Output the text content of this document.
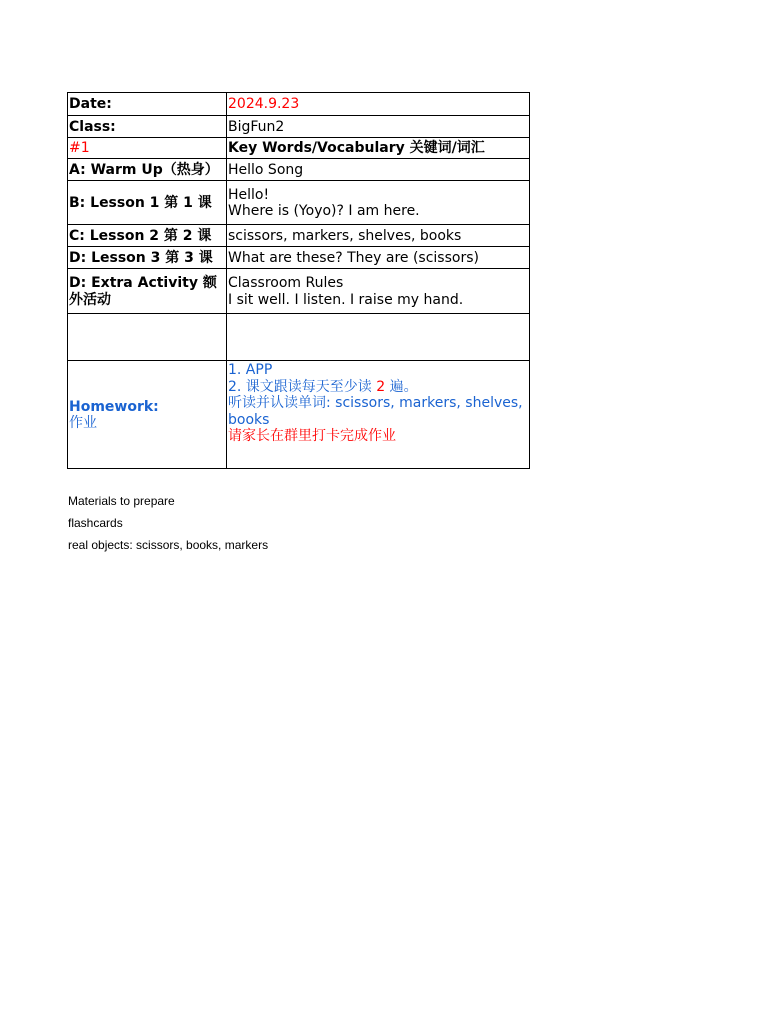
Date:	2024.9.23
Class:	BigFun2
#1	Key Words/Vocabulary 关键词/词汇
A: Warm Up（热身）	Hello Song
B: Lesson 1 第 1 课	Hello!
Where is (Yoyo)? I am here.

C: Lesson 2 第 2 课	scissors, markers, shelves, books
D: Lesson 3 第 3 课	What are these? They are (scissors)
D: Extra Activity 额外活动	Classroom Rules
I sit well. I listen. I raise my hand.

Homework:
作业	1. APP
2. 课文跟读每天至少读 2 遍。
听读并认读单词: scissors, markers, shelves, books
请家长在群里打卡完成作业
Materials to prepare
flashcards
real objects: scissors, books, markers
